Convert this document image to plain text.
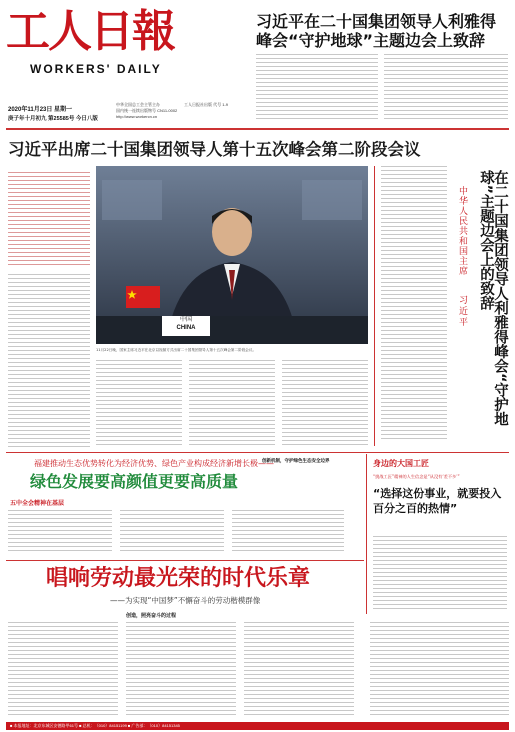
工人日報
WORKERS' DAILY
2020年11月23日 星期一
庚子年十月初九 第25585号 今日八版
中华全国总工会主管主办
国内统一连续出版物号 CN11-0002
http://www.workercn.cn
工人日报社出版 代号 1-9
习近平在二十国集团领导人利雅得峰会“守护地球”主题边会上致辞
习近平出席二十国集团领导人第十五次峰会第二阶段会议
中国
CHINA
11月22日晚，国家主席习近平在北京以视频方式出席二十国集团领导人第十五次峰会第二阶段会议。
中华人民共和国主席 习近平	在二十国集团领导人利雅得峰会“守护地球”主题边会上的致辞
福建推动生态优势转化为经济优势、绿色产业构成经济新增长极——
绿色发展要高颜值更要高质量
五中全会精神在基层
创新机制，守护绿色生态安全边界	身边的大国工匠
“挑战工匠”精神的人生信念是“从没有‘差不多’”
“选择这份事业，就要投入百分之百的热情”
唱响劳动最光荣的时代乐章
——为实现“中国梦”不懈奋斗的劳动楷模群像
创造，照亮奋斗的过程
■ 本报地址：北京东城区安德路甲61号 ■ 总机：（010）84151199 ■ 广告部：（010）84151345
